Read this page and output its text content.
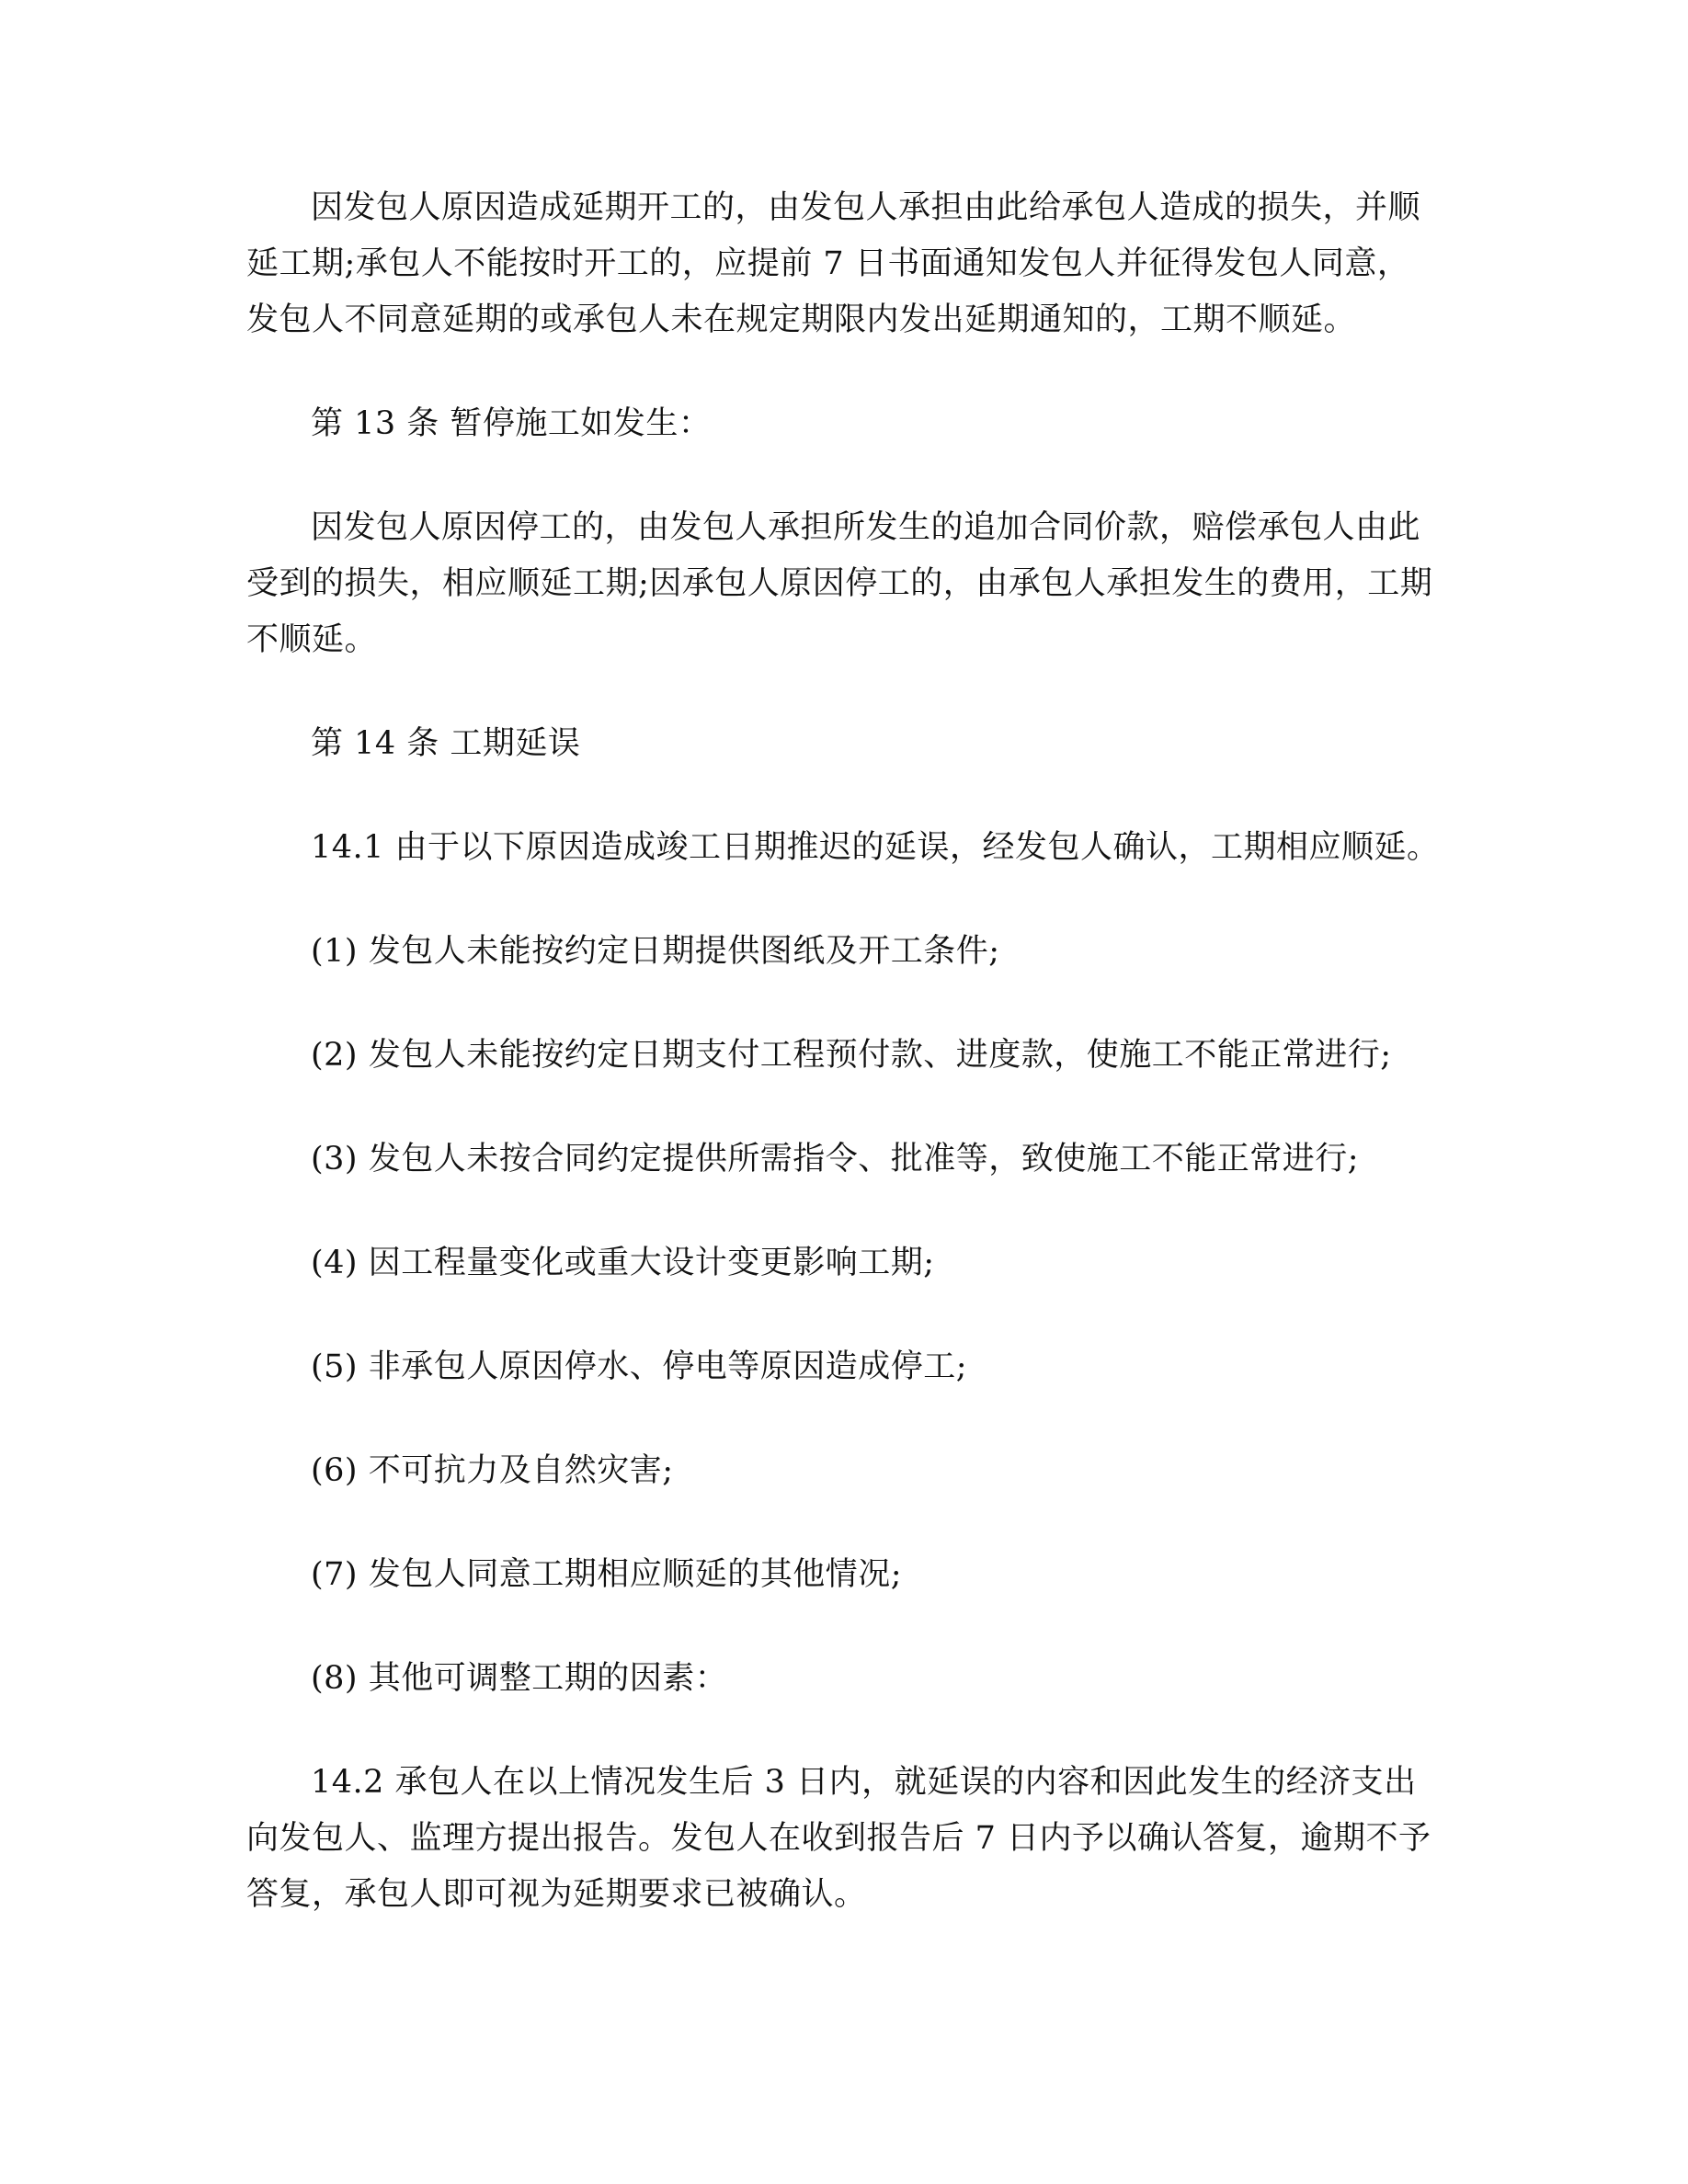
因发包人原因造成延期开工的，由发包人承担由此给承包人造成的损失，并顺延工期;承包人不能按时开工的，应提前 7 日书面通知发包人并征得发包人同意，发包人不同意延期的或承包人未在规定期限内发出延期通知的，工期不顺延。

第 13 条 暂停施工如发生：

因发包人原因停工的，由发包人承担所发生的追加合同价款，赔偿承包人由此受到的损失，相应顺延工期;因承包人原因停工的，由承包人承担发生的费用，工期不顺延。

第 14 条 工期延误

14.1 由于以下原因造成竣工日期推迟的延误，经发包人确认，工期相应顺延。

(1) 发包人未能按约定日期提供图纸及开工条件;

(2) 发包人未能按约定日期支付工程预付款、进度款，使施工不能正常进行;

(3) 发包人未按合同约定提供所需指令、批准等，致使施工不能正常进行;

(4) 因工程量变化或重大设计变更影响工期;

(5) 非承包人原因停水、停电等原因造成停工;

(6) 不可抗力及自然灾害;

(7) 发包人同意工期相应顺延的其他情况;

(8) 其他可调整工期的因素：

14.2 承包人在以上情况发生后 3 日内，就延误的内容和因此发生的经济支出向发包人、监理方提出报告。发包人在收到报告后 7 日内予以确认答复，逾期不予答复，承包人即可视为延期要求已被确认。
